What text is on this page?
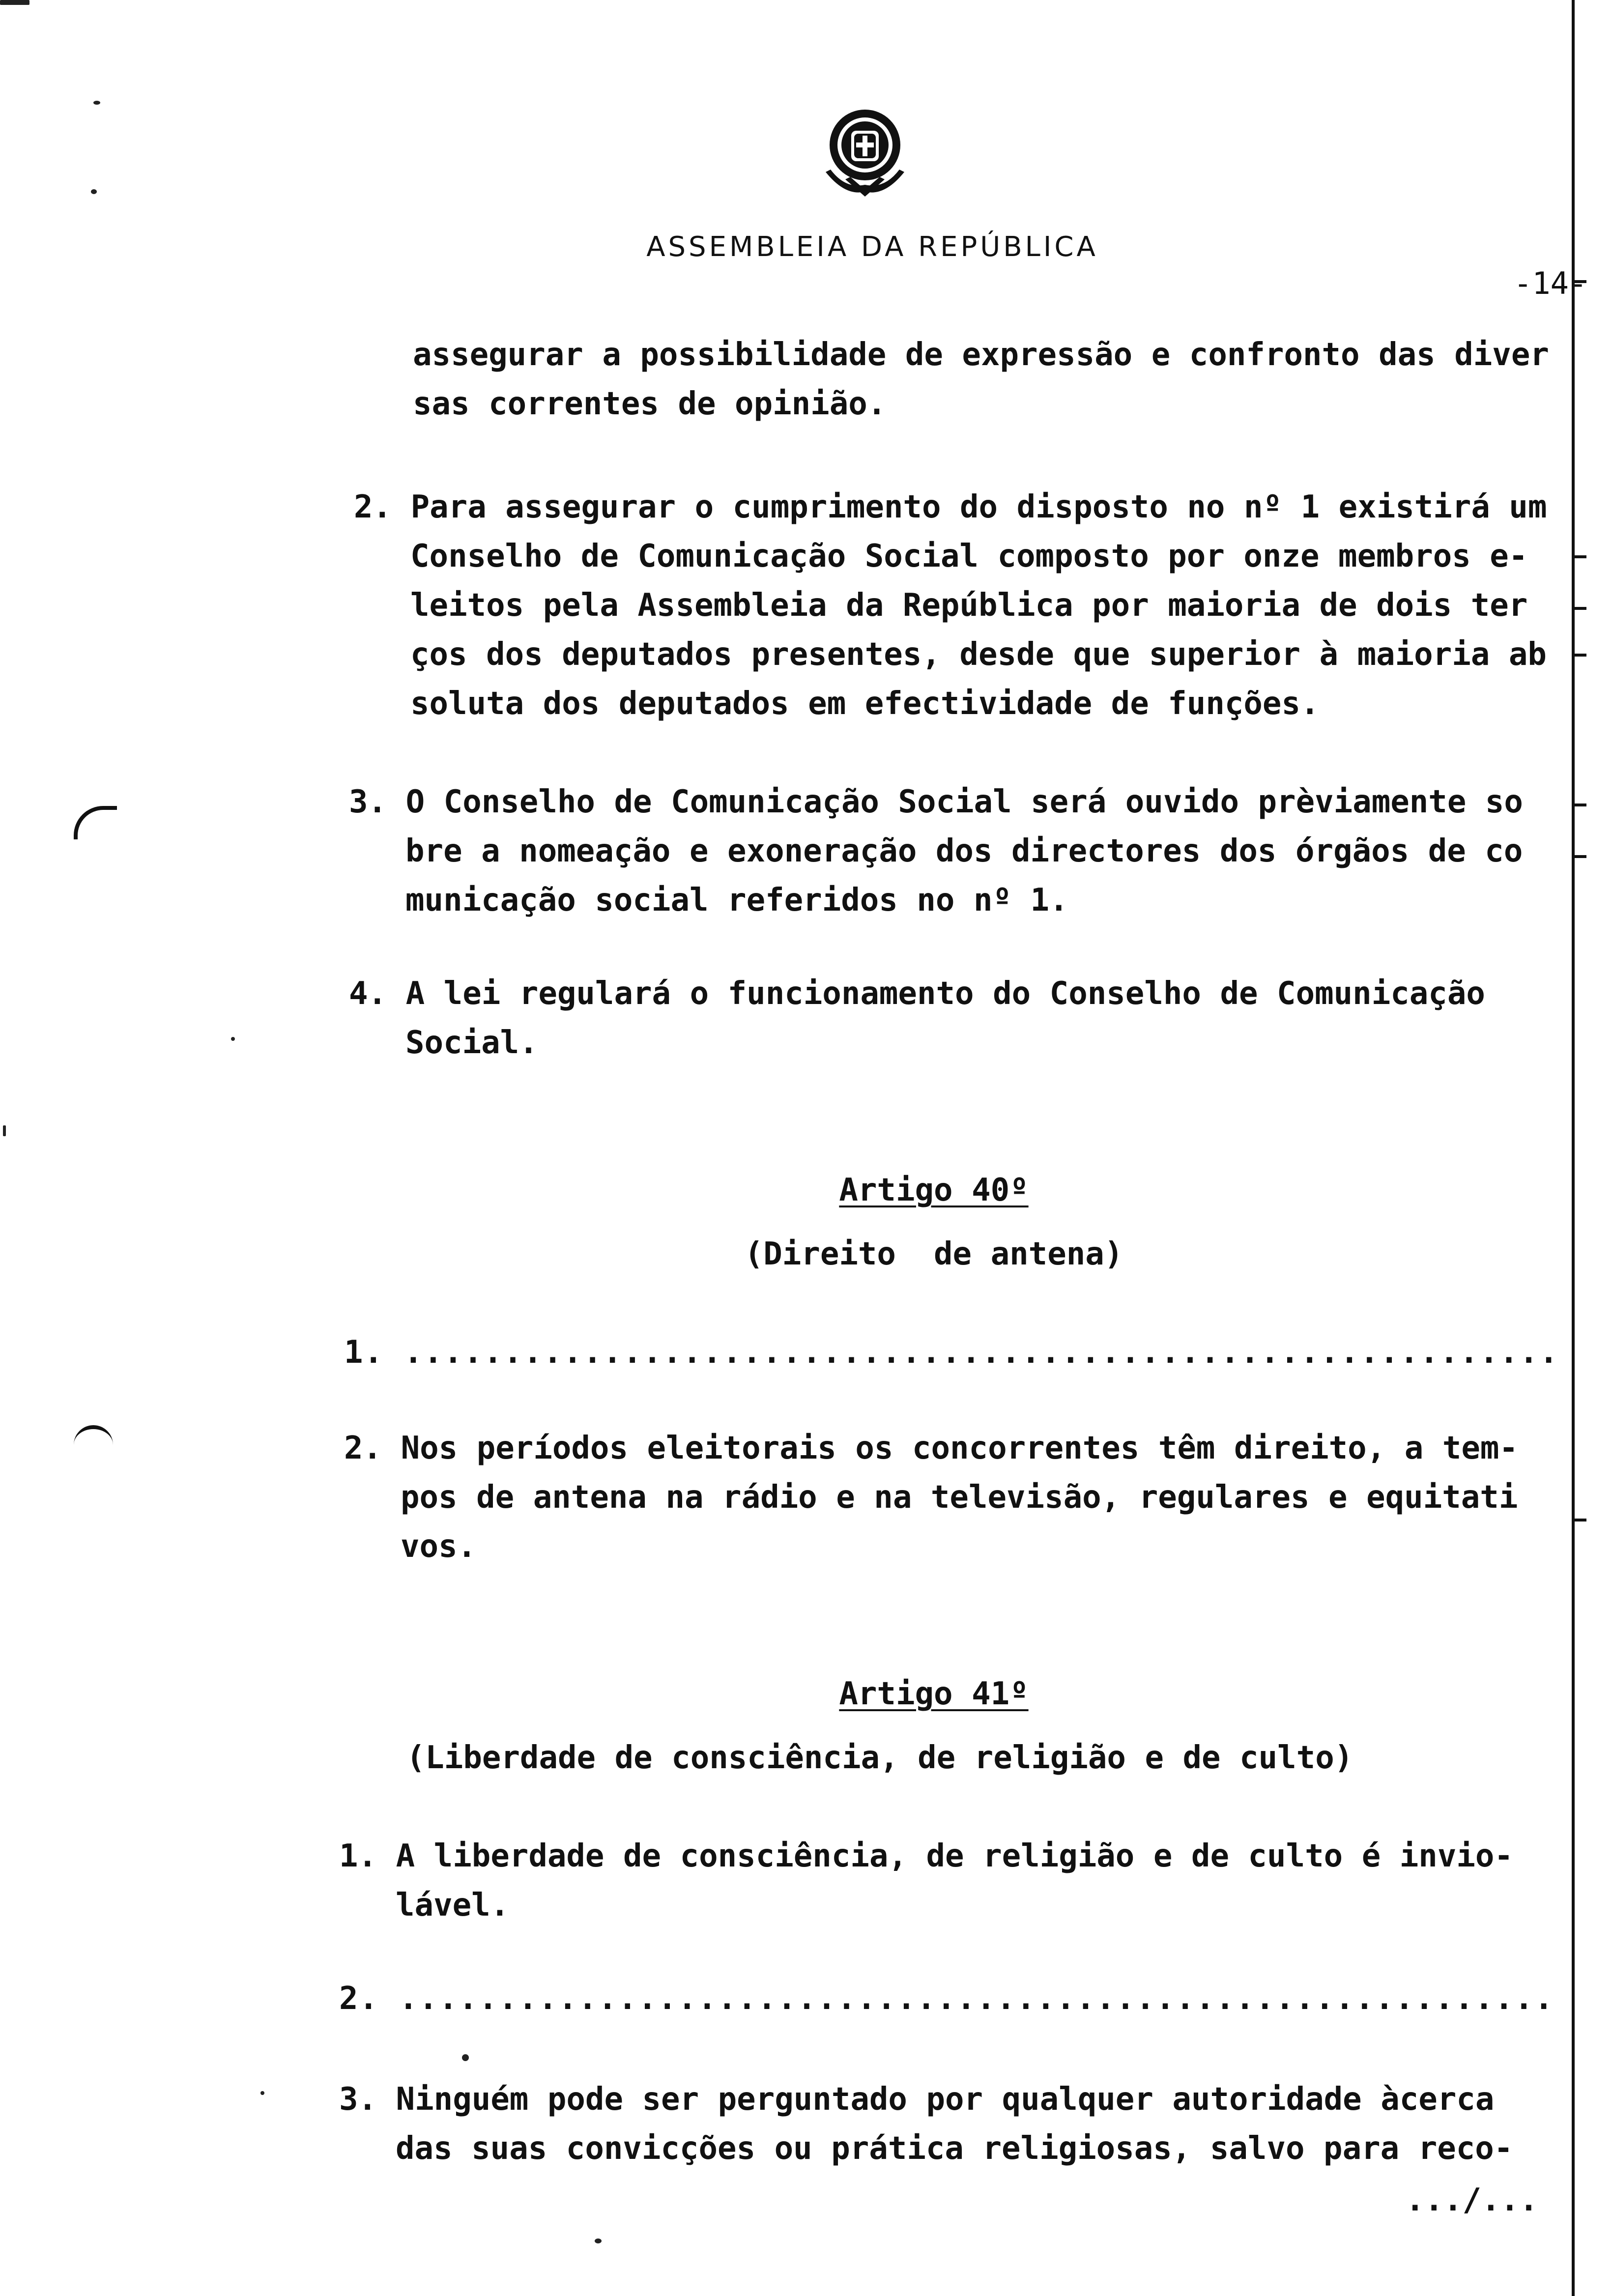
ASSEMBLEIA DA REPÚBLICA
-14-
assegurar a possibilidade de expressão e confronto das diver
sas correntes de opinião.
2. Para assegurar o cumprimento do disposto no nº 1 existirá um
Conselho de Comunicação Social composto por onze membros e-
leitos pela Assembleia da República por maioria de dois ter
ços dos deputados presentes, desde que superior à maioria ab
soluta dos deputados em efectividade de funções.
3. O Conselho de Comunicação Social será ouvido prèviamente so
bre a nomeação e exoneração dos directores dos órgãos de co
municação social referidos no nº 1.
4. A lei regulará o funcionamento do Conselho de Comunicação
Social.
Artigo 40º
(Direito  de antena)
1. ..........................................................
2. Nos períodos eleitorais os concorrentes têm direito, a tem-
pos de antena na rádio e na televisão, regulares e equitati
vos.
Artigo 41º
(Liberdade de consciência, de religião e de culto)
1. A liberdade de consciência, de religião e de culto é invio-
lável.
2. ..........................................................
3. Ninguém pode ser perguntado por qualquer autoridade àcerca
das suas convicções ou prática religiosas, salvo para reco-
.../...
